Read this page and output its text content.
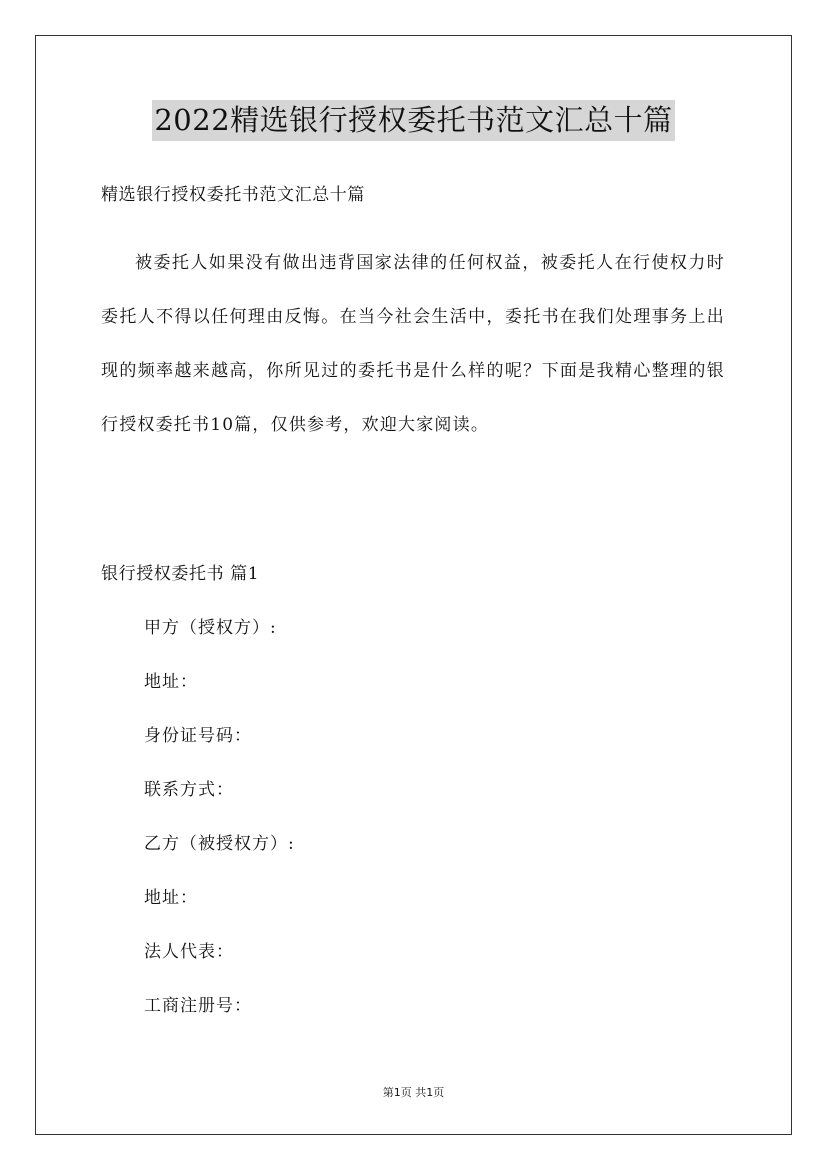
2022精选银行授权委托书范文汇总十篇
精选银行授权委托书范文汇总十篇

被委托人如果没有做出违背国家法律的任何权益，被委托人在行使权力时委托人不得以任何理由反悔。在当今社会生活中，委托书在我们处理事务上出现的频率越来越高，你所见过的委托书是什么样的呢？下面是我精心整理的银行授权委托书10篇，仅供参考，欢迎大家阅读。

银行授权委托书 篇1
甲方（授权方）:
地址：
身份证号码：
联系方式：
乙方（被授权方）:
地址：
法人代表：
工商注册号：
第1页 共1页
